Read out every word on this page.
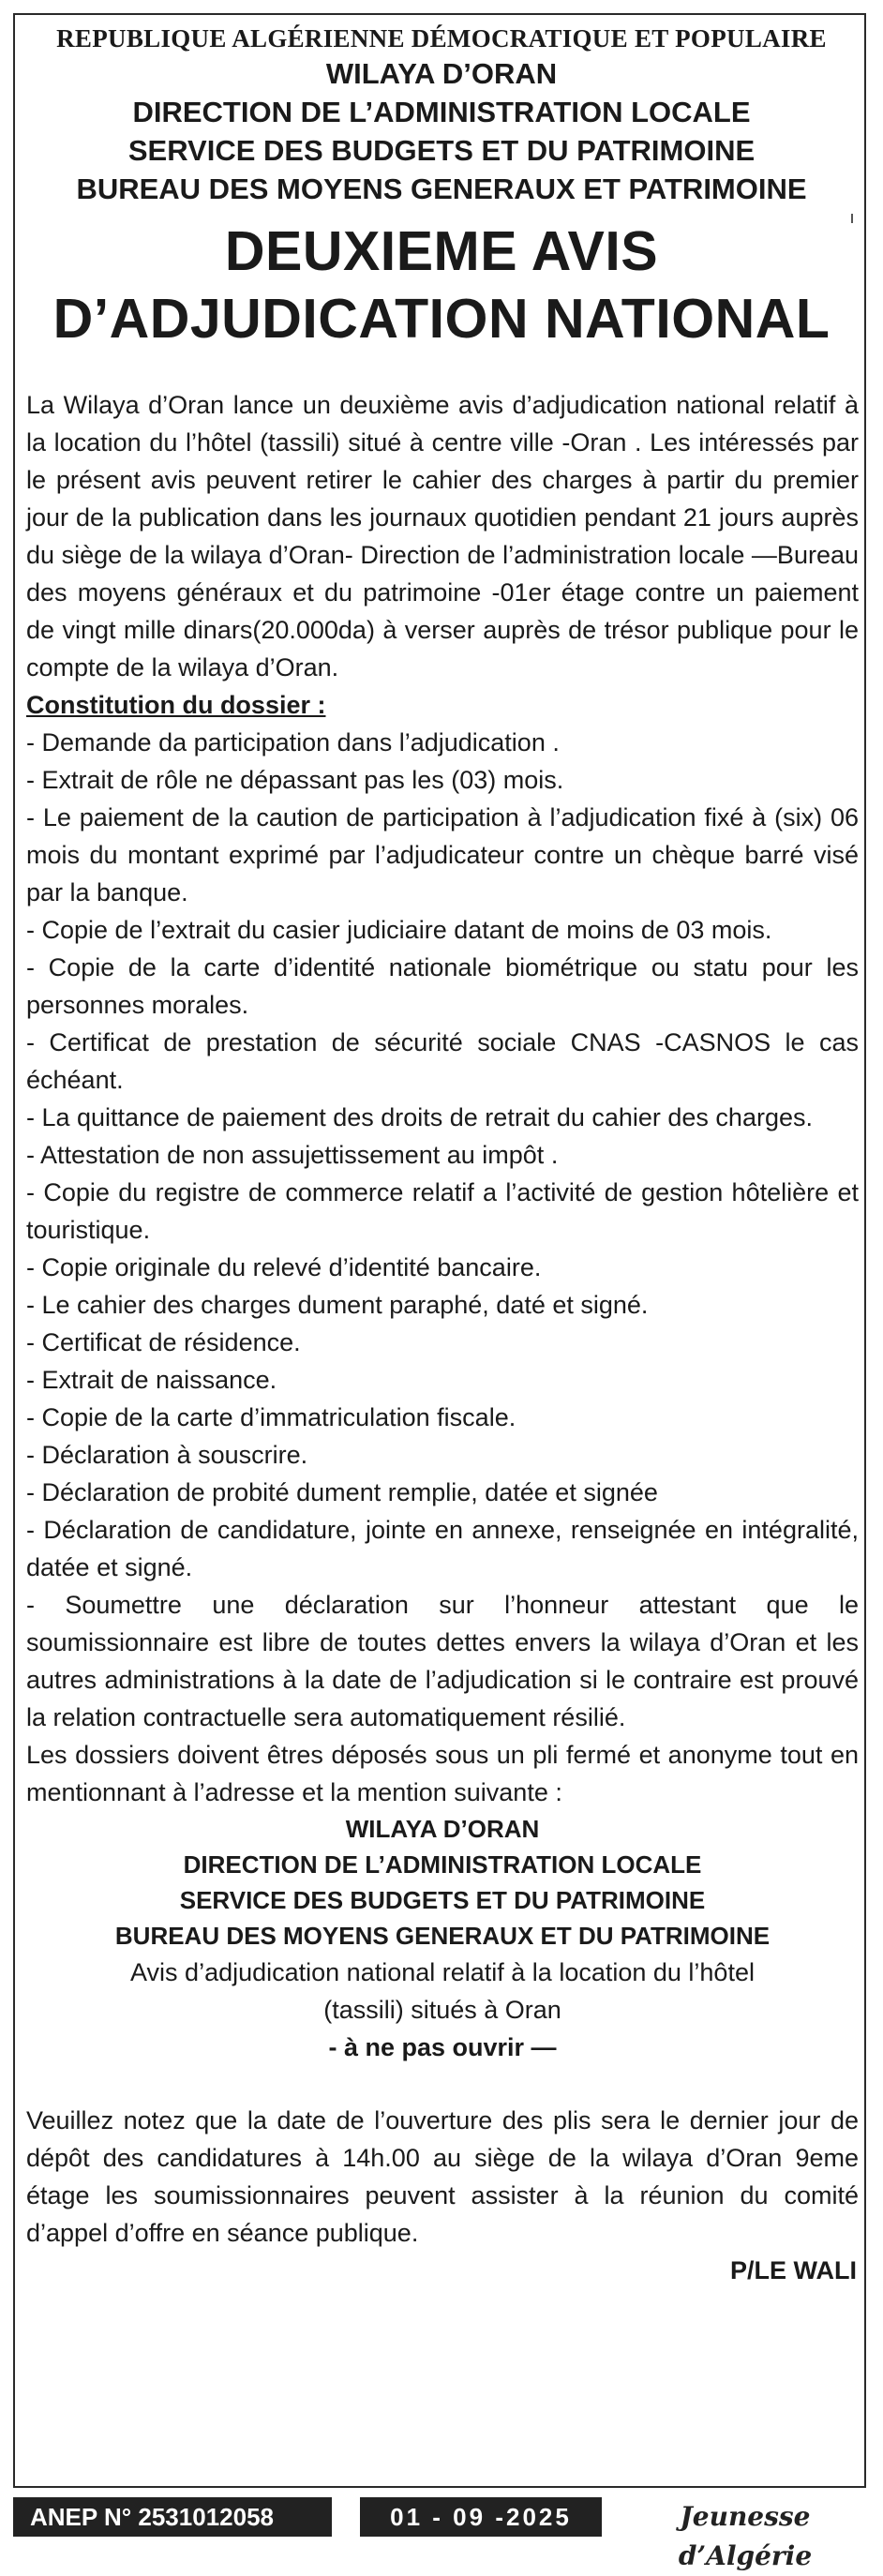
REPUBLIQUE ALGÉRIENNE DÉMOCRATIQUE ET POPULAIRE
WILAYA D’ORAN
DIRECTION DE L’ADMINISTRATION LOCALE
SERVICE DES BUDGETS ET DU PATRIMOINE
BUREAU DES MOYENS GENERAUX ET PATRIMOINE
DEUXIEME AVIS
D’ADJUDICATION NATIONAL

La Wilaya d’Oran lance un deuxième avis d’adjudication national relatif à la location du l’hôtel (tassili) situé à centre ville -Oran . Les intéressés par le présent avis peuvent retirer le cahier des charges à partir du premier jour de la publication dans les journaux quotidien pendant 21 jours auprès du siège de la wilaya d’Oran- Direction de l’administration locale —Bureau des moyens généraux et du patrimoine -01er étage contre un paiement de vingt mille dinars(20.000da) à verser auprès de trésor publique pour le compte de la wilaya d’Oran.

Constitution du dossier :
- Demande da participation dans l’adjudication .
- Extrait de rôle ne dépassant pas les (03) mois.
- Le paiement de la caution de participation à l’adjudication fixé à (six) 06 mois du montant exprimé par l’adjudicateur contre un chèque barré visé par la banque.
- Copie de l’extrait du casier judiciaire datant de moins de 03 mois.
- Copie de la carte d’identité nationale biométrique ou statu pour les personnes morales.
- Certificat de prestation de sécurité sociale CNAS -CASNOS le cas échéant.
- La quittance de paiement des droits de retrait du cahier des charges.
- Attestation de non assujettissement au impôt .
- Copie du registre de commerce relatif a l’activité de gestion hôtelière et touristique.
- Copie originale du relevé d’identité bancaire.
- Le cahier des charges dument paraphé, daté et signé.
- Certificat de résidence.
- Extrait de naissance.
- Copie de la carte d’immatriculation fiscale.
- Déclaration à souscrire.
- Déclaration de probité dument remplie, datée et signée
- Déclaration de candidature, jointe en annexe, renseignée en intégralité, datée et signé.
- Soumettre une déclaration sur l’honneur attestant que le soumissionnaire est libre de toutes dettes envers la wilaya d’Oran et les autres administrations à la date de l’adjudication si le contraire est prouvé la relation contractuelle sera automatiquement résilié.

Les dossiers doivent êtres déposés sous un pli fermé et anonyme tout en mentionnant à l’adresse et la mention suivante :

WILAYA D’ORAN
DIRECTION DE L’ADMINISTRATION LOCALE
SERVICE DES BUDGETS ET DU PATRIMOINE
BUREAU DES MOYENS GENERAUX ET DU PATRIMOINE
Avis d’adjudication national relatif à la location du l’hôtel
(tassili) situés à Oran
- à ne pas ouvrir —

Veuillez notez que la date de l’ouverture des plis sera le dernier jour de dépôt des candidatures à 14h.00 au siège de la wilaya d’Oran 9eme étage les soumissionnaires peuvent assister à la réunion du comité d’appel d’offre en séance publique.

P/LE WALI
ANEP N° 2531012058	01 - 09 -2025	Jeunesse d’Algérie
